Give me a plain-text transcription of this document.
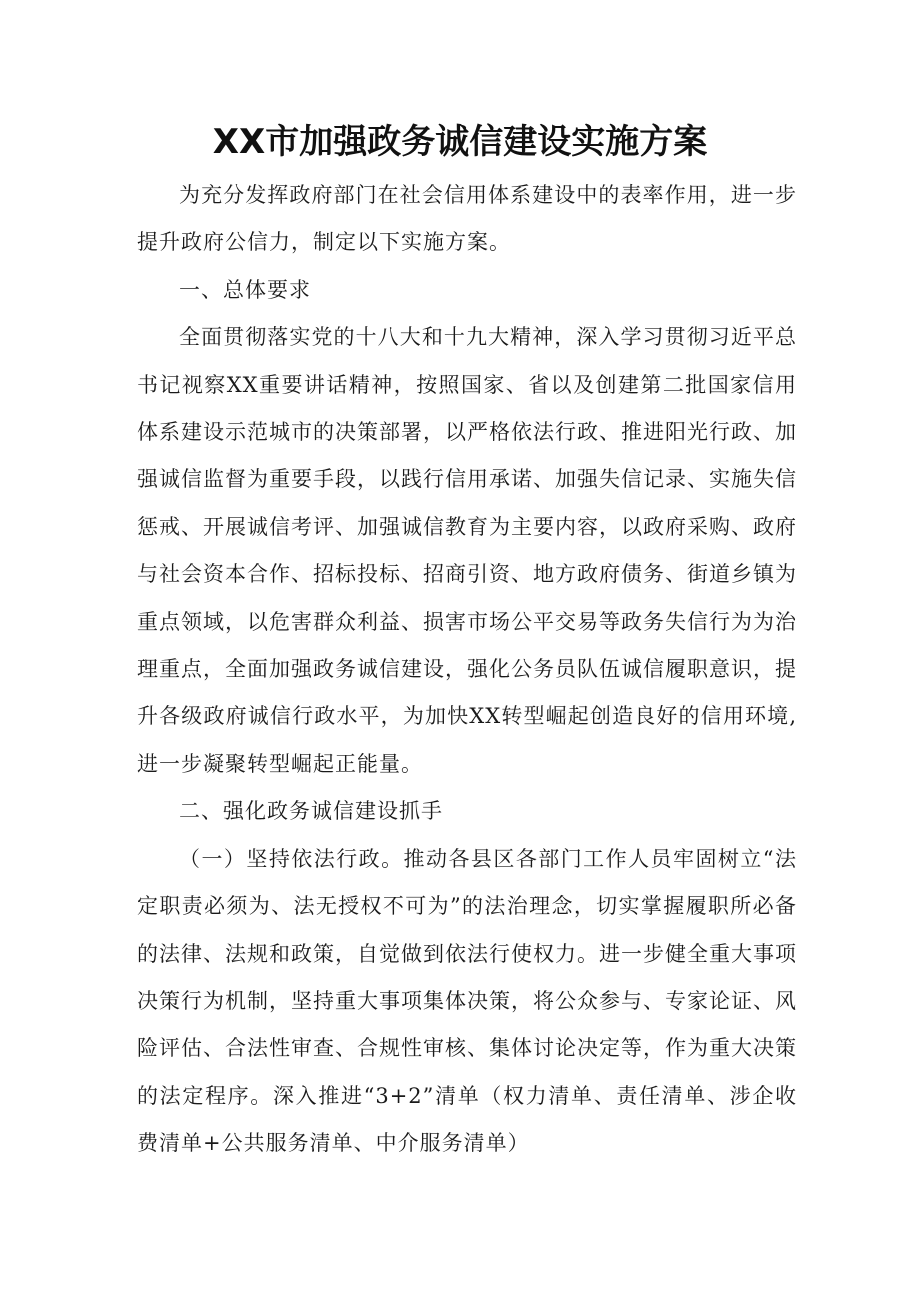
XX市加强政务诚信建设实施方案

为充分发挥政府部门在社会信用体系建设中的表率作用，进一步提升政府公信力，制定以下实施方案。

一、总体要求

全面贯彻落实党的十八大和十九大精神，深入学习贯彻习近平总书记视察XX重要讲话精神，按照国家、省以及创建第二批国家信用体系建设示范城市的决策部署，以严格依法行政、推进阳光行政、加强诚信监督为重要手段，以践行信用承诺、加强失信记录、实施失信惩戒、开展诚信考评、加强诚信教育为主要内容，以政府采购、政府与社会资本合作、招标投标、招商引资、地方政府债务、街道乡镇为重点领域，以危害群众利益、损害市场公平交易等政务失信行为为治理重点，全面加强政务诚信建设，强化公务员队伍诚信履职意识，提升各级政府诚信行政水平，为加快XX转型崛起创造良好的信用环境,进一步凝聚转型崛起正能量。

二、强化政务诚信建设抓手

（一）坚持依法行政。推动各县区各部门工作人员牢固树立“法定职责必须为、法无授权不可为”的法治理念，切实掌握履职所必备的法律、法规和政策，自觉做到依法行使权力。进一步健全重大事项决策行为机制，坚持重大事项集体决策，将公众参与、专家论证、风险评估、合法性审查、合规性审核、集体讨论决定等，作为重大决策的法定程序。深入推进“3+2”清单（权力清单、责任清单、涉企收费清单+公共服务清单、中介服务清单）
